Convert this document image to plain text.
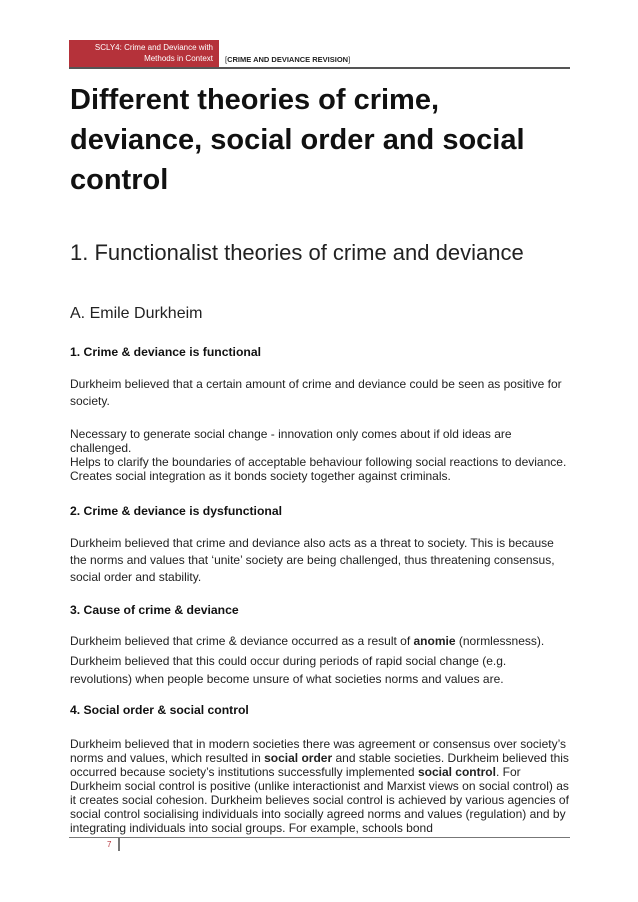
SCLY4: Crime and Deviance with
Methods in Context [CRIME AND DEVIANCE REVISION]
Different theories of crime, deviance, social order and social control
1. Functionalist theories of crime and deviance
A. Emile Durkheim
1. Crime & deviance is functional

Durkheim believed that a certain amount of crime and deviance could be seen as positive for society.

Necessary to generate social change - innovation only comes about if old ideas are challenged.
Helps to clarify the boundaries of acceptable behaviour following social reactions to deviance.
Creates social integration as it bonds society together against criminals.
2. Crime & deviance is dysfunctional

Durkheim believed that crime and deviance also acts as a threat to society. This is because the norms and values that ‘unite’ society are being challenged, thus threatening consensus, social order and stability.

3. Cause of crime & deviance

Durkheim believed that crime & deviance occurred as a result of anomie (normlessness).

Durkheim believed that this could occur during periods of rapid social change (e.g. revolutions) when people become unsure of what societies norms and values are.

4. Social order & social control

Durkheim believed that in modern societies there was agreement or consensus over society’s norms and values, which resulted in social order and stable societies. Durkheim believed this occurred because society’s institutions successfully implemented social control. For Durkheim social control is positive (unlike interactionist and Marxist views on social control) as it creates social cohesion. Durkheim believes social control is achieved by various agencies of social control socialising individuals into socially agreed norms and values (regulation) and by integrating individuals into social groups. For example, schools bond

7
